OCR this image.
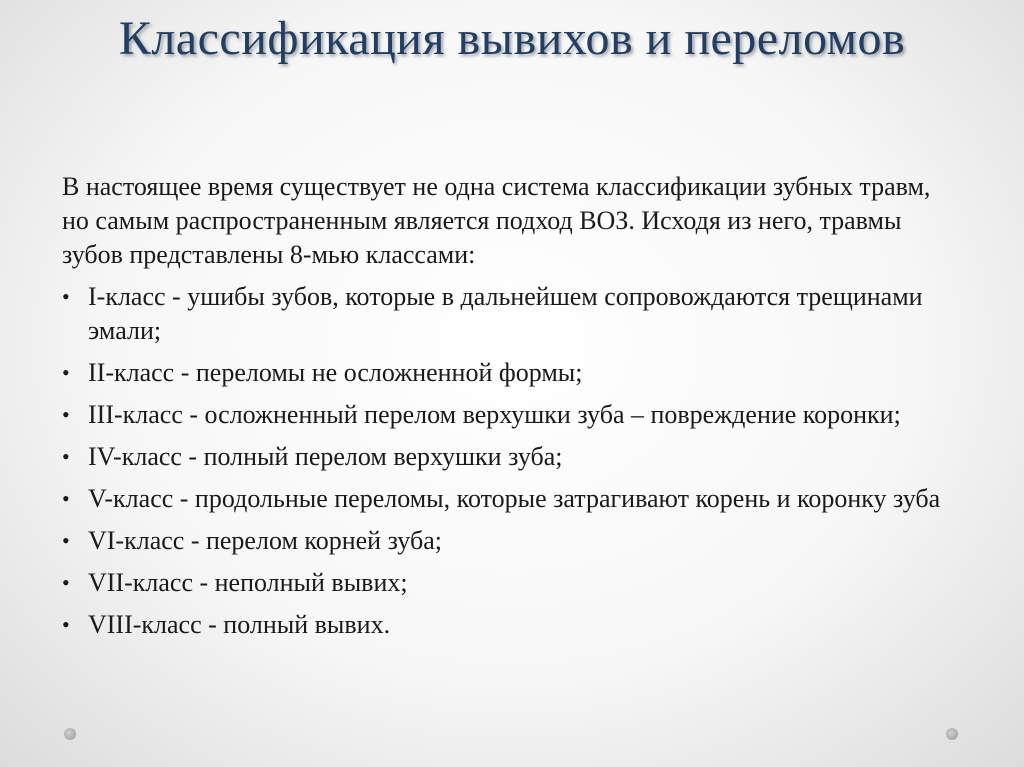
Классификация вывихов и переломов

В настоящее время существует не одна система классификации зубных травм, но самым распространенным является подход ВОЗ. Исходя из него, травмы зубов представлены 8-мью классами:

• I-класс - ушибы зубов, которые в дальнейшем сопровождаются трещинами эмали;
• II-класс - переломы не осложненной формы;
• III-класс - осложненный перелом верхушки зуба – повреждение коронки;
• IV-класс - полный перелом верхушки зуба;
• V-класс - продольные переломы, которые затрагивают корень и коронку зуба
• VI-класс - перелом корней зуба;
• VII-класс - неполный вывих;
• VIII-класс - полный вывих.
